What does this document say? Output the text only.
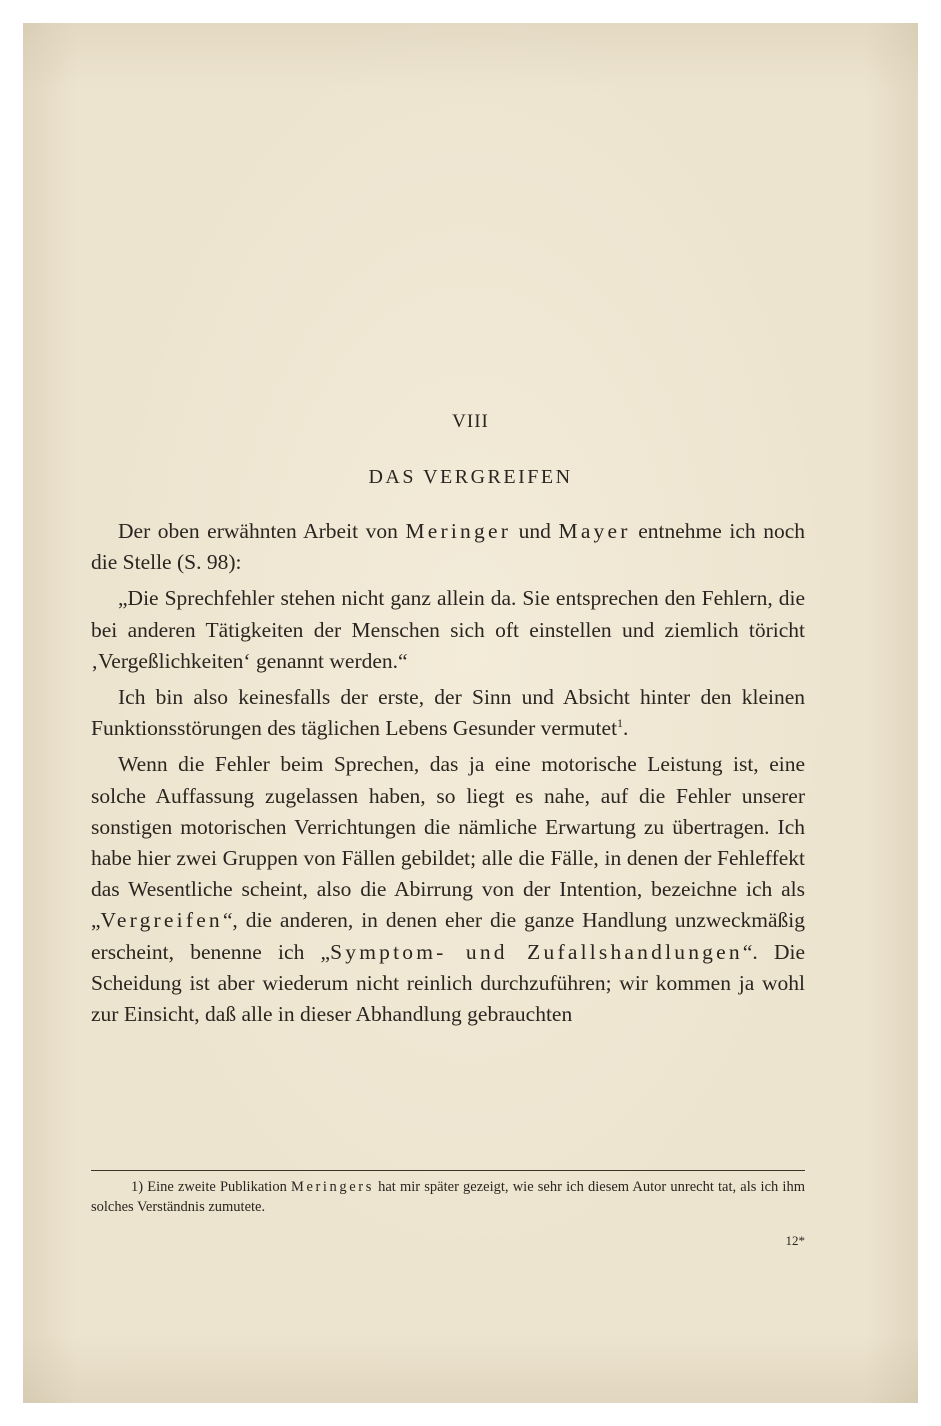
VIII
DAS VERGREIFEN

Der oben erwähnten Arbeit von Meringer und Mayer entnehme ich noch die Stelle (S. 98):

„Die Sprechfehler stehen nicht ganz allein da. Sie entsprechen den Fehlern, die bei anderen Tätigkeiten der Menschen sich oft einstellen und ziemlich töricht ‚Vergeßlichkeiten‘ genannt werden.“

Ich bin also keinesfalls der erste, der Sinn und Absicht hinter den kleinen Funktionsstörungen des täglichen Lebens Gesunder vermutet$^1$.

Wenn die Fehler beim Sprechen, das ja eine motorische Leistung ist, eine solche Auffassung zugelassen haben, so liegt es nahe, auf die Fehler unserer sonstigen motorischen Verrichtungen die nämliche Erwartung zu übertragen. Ich habe hier zwei Gruppen von Fällen gebildet; alle die Fälle, in denen der Fehleffekt das Wesentliche scheint, also die Abirrung von der Intention, bezeichne ich als „Vergreifen“, die anderen, in denen eher die ganze Handlung unzweckmäßig erscheint, benenne ich „Symptom- und Zufallshandlungen“. Die Scheidung ist aber wiederum nicht reinlich durchzuführen; wir kommen ja wohl zur Einsicht, daß alle in dieser Abhandlung gebrauchten

1) Eine zweite Publikation Meringers hat mir später gezeigt, wie sehr ich diesem Autor unrecht tat, als ich ihm solches Verständnis zumutete.
12*
